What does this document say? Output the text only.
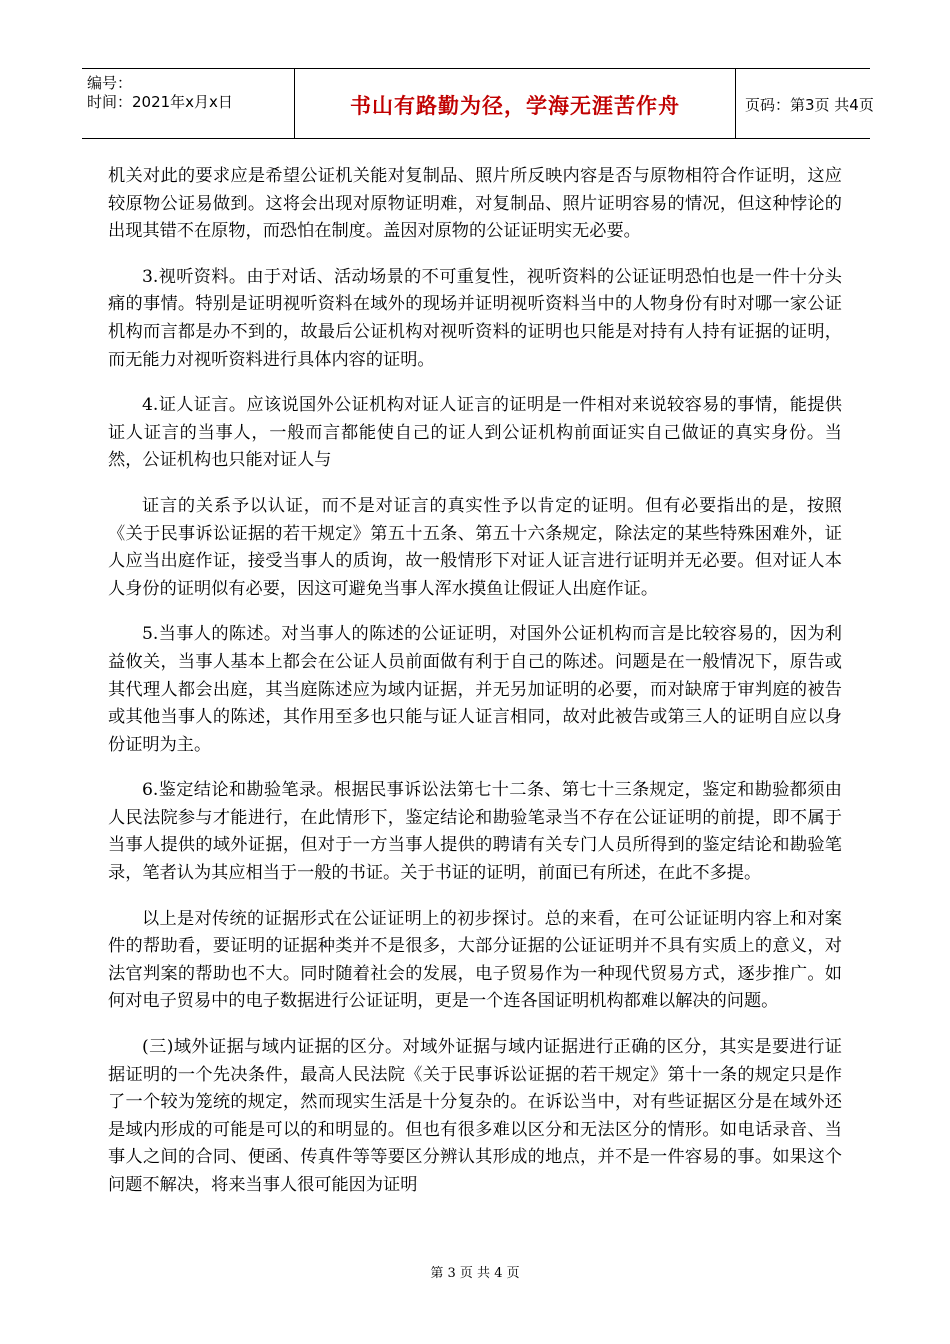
编号：
时间：2021年x月x日	书山有路勤为径，学海无涯苦作舟	页码：第3页 共4页

机关对此的要求应是希望公证机关能对复制品、照片所反映内容是否与原物相符合作证明，这应较原物公证易做到。这将会出现对原物证明难，对复制品、照片证明容易的情况，但这种悖论的出现其错不在原物，而恐怕在制度。盖因对原物的公证证明实无必要。

3.视听资料。由于对话、活动场景的不可重复性，视听资料的公证证明恐怕也是一件十分头痛的事情。特别是证明视听资料在域外的现场并证明视听资料当中的人物身份有时对哪一家公证机构而言都是办不到的，故最后公证机构对视听资料的证明也只能是对持有人持有证据的证明，而无能力对视听资料进行具体内容的证明。

4.证人证言。应该说国外公证机构对证人证言的证明是一件相对来说较容易的事情，能提供证人证言的当事人，一般而言都能使自己的证人到公证机构前面证实自己做证的真实身份。当然，公证机构也只能对证人与

证言的关系予以认证，而不是对证言的真实性予以肯定的证明。但有必要指出的是，按照《关于民事诉讼证据的若干规定》第五十五条、第五十六条规定，除法定的某些特殊困难外，证人应当出庭作证，接受当事人的质询，故一般情形下对证人证言进行证明并无必要。但对证人本人身份的证明似有必要，因这可避免当事人浑水摸鱼让假证人出庭作证。

5.当事人的陈述。对当事人的陈述的公证证明，对国外公证机构而言是比较容易的，因为利益攸关，当事人基本上都会在公证人员前面做有利于自己的陈述。问题是在一般情况下，原告或其代理人都会出庭，其当庭陈述应为域内证据，并无另加证明的必要，而对缺席于审判庭的被告或其他当事人的陈述，其作用至多也只能与证人证言相同，故对此被告或第三人的证明自应以身份证明为主。

6.鉴定结论和勘验笔录。根据民事诉讼法第七十二条、第七十三条规定，鉴定和勘验都须由人民法院参与才能进行，在此情形下，鉴定结论和勘验笔录当不存在公证证明的前提，即不属于当事人提供的域外证据，但对于一方当事人提供的聘请有关专门人员所得到的鉴定结论和勘验笔录，笔者认为其应相当于一般的书证。关于书证的证明，前面已有所述，在此不多提。

以上是对传统的证据形式在公证证明上的初步探讨。总的来看，在可公证证明内容上和对案件的帮助看，要证明的证据种类并不是很多，大部分证据的公证证明并不具有实质上的意义，对法官判案的帮助也不大。同时随着社会的发展，电子贸易作为一种现代贸易方式，逐步推广。如何对电子贸易中的电子数据进行公证证明，更是一个连各国证明机构都难以解决的问题。

(三)域外证据与域内证据的区分。对域外证据与域内证据进行正确的区分，其实是要进行证据证明的一个先决条件，最高人民法院《关于民事诉讼证据的若干规定》第十一条的规定只是作了一个较为笼统的规定，然而现实生活是十分复杂的。在诉讼当中，对有些证据区分是在域外还是域内形成的可能是可以的和明显的。但也有很多难以区分和无法区分的情形。如电话录音、当事人之间的合同、便函、传真件等等要区分辨认其形成的地点，并不是一件容易的事。如果这个问题不解决，将来当事人很可能因为证明

第 3 页 共 4 页
